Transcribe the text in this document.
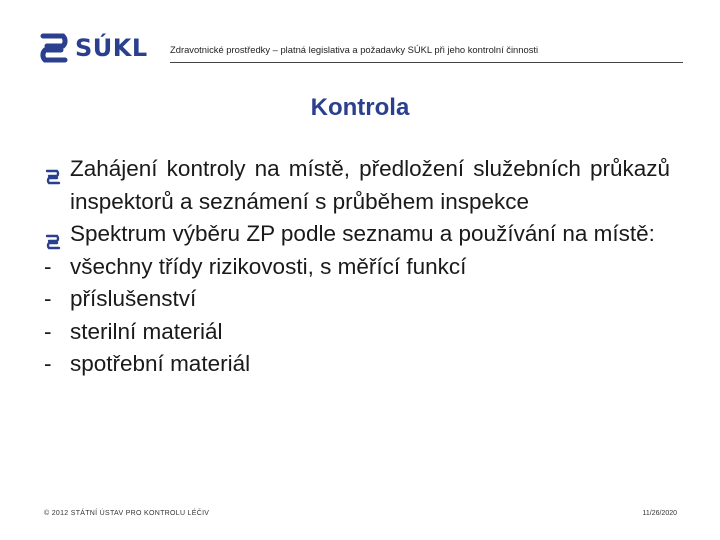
SÚKL Zdravotnické prostředky – platná legislativa a požadavky SÚKL při jeho kontrolní činnosti
Kontrola
Zahájení kontroly na místě, předložení služebních průkazů inspektorů a seznámení s průběhem inspekce
Spektrum výběru ZP podle seznamu a používání na místě:
- všechny třídy rizikovosti, s měřící funkcí
- příslušenství
- sterilní materiál
- spotřební materiál
© 2012 STÁTNÍ ÚSTAV PRO KONTROLU LÉČIV	11/26/2020
